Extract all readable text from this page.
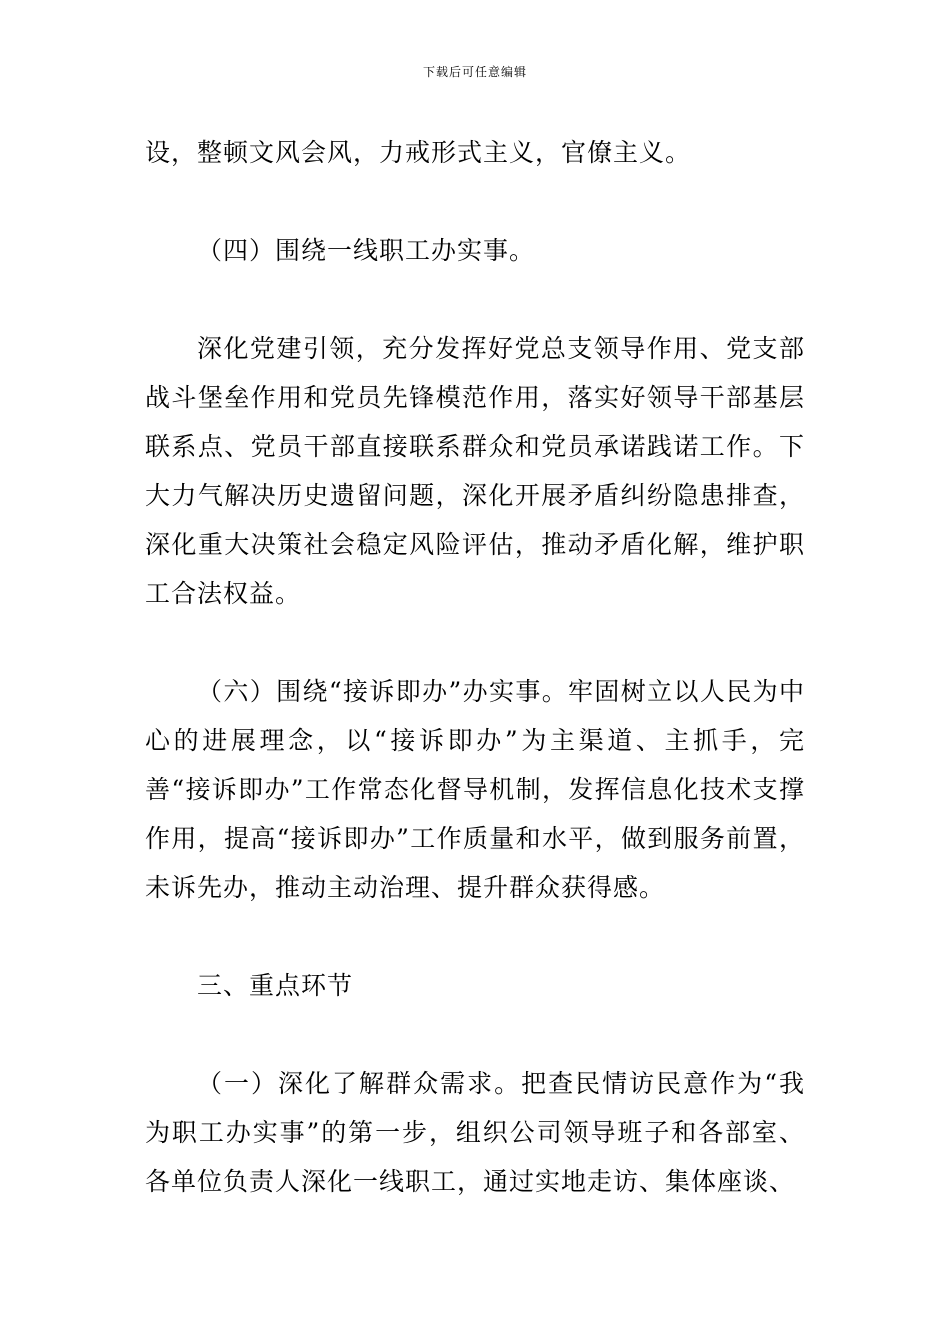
下载后可任意编辑

设，整顿文风会风，力戒形式主义，官僚主义。

（四）围绕一线职工办实事。

深化党建引领，充分发挥好党总支领导作用、党支部战斗堡垒作用和党员先锋模范作用，落实好领导干部基层联系点、党员干部直接联系群众和党员承诺践诺工作。下大力气解决历史遗留问题，深化开展矛盾纠纷隐患排查，深化重大决策社会稳定风险评估，推动矛盾化解，维护职工合法权益。

（六）围绕“接诉即办”办实事。牢固树立以人民为中心的进展理念，以“接诉即办”为主渠道、主抓手，完善“接诉即办”工作常态化督导机制，发挥信息化技术支撑作用，提高“接诉即办”工作质量和水平，做到服务前置，未诉先办，推动主动治理、提升群众获得感。

三、重点环节

（一）深化了解群众需求。把查民情访民意作为“我为职工办实事”的第一步，组织公司领导班子和各部室、各单位负责人深化一线职工，通过实地走访、集体座谈、
